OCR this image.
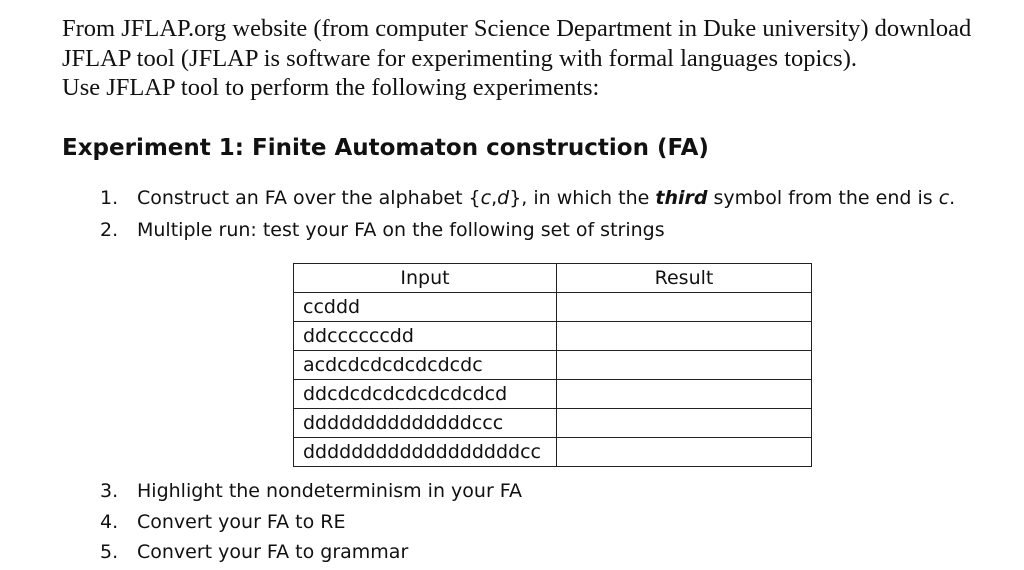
From JFLAP.org website (from computer Science Department in Duke university) download
JFLAP tool (JFLAP is software for experimenting with formal languages topics).
Use JFLAP tool to perform the following experiments:
Experiment 1: Finite Automaton construction (FA)
1. Construct an FA over the alphabet {c,d}, in which the third symbol from the end is c.
2. Multiple run: test your FA on the following set of strings
Input	Result
ccddd	
ddccccccdd	
acdcdcdcdcdcdcdc	
ddcdcdcdcdcdcdcdcd	
ddddddddddddddccc	
ddddddddddddddddddcc	
3. Highlight the nondeterminism in your FA
4. Convert your FA to RE
5. Convert your FA to grammar
